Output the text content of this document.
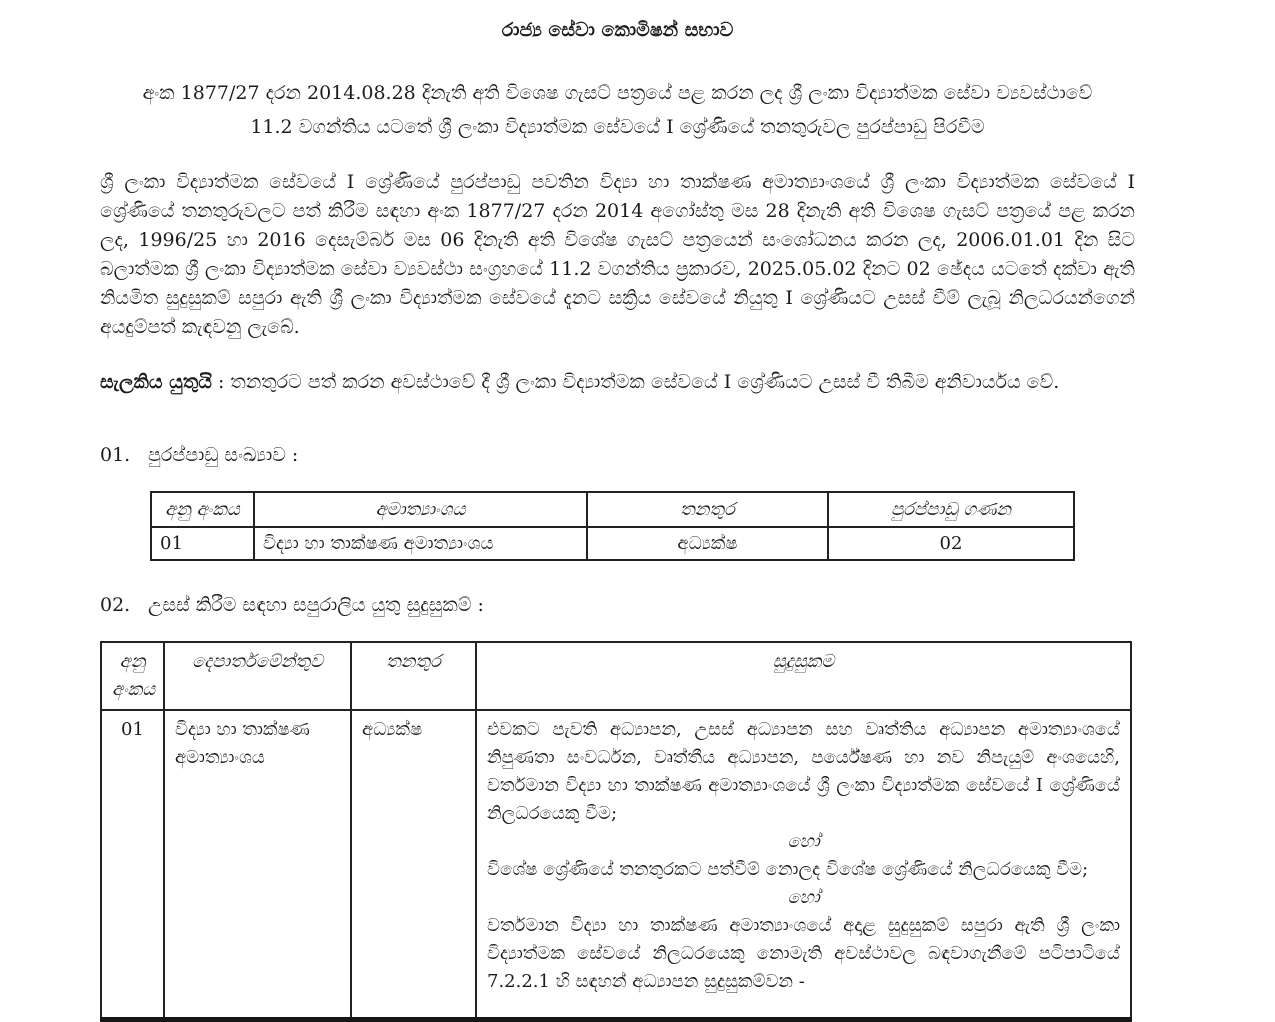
රාජ්‍ය සේවා කොමිෂන් සභාව
අංක 1877/27 දරන 2014.08.28 දිනැති අති විශෙෂ ගැසට් පත්‍රයේ පළ කරන ලද ශ්‍රී ලංකා විද්‍යාත්මක සේවා ව්‍යවස්ථාවේ
11.2 වගන්තිය යටතේ ශ්‍රී ලංකා විද්‍යාත්මක සේවයේ I ශ්‍රේණියේ තනතුරුවල පුරප්පාඩු පිරවීම

ශ්‍රී ලංකා විද්‍යාත්මක සේවයේ I ශ්‍රේණියේ පුරප්පාඩු පවතින විද්‍යා හා තාක්ෂණ අමාත්‍යාංශයේ ශ්‍රී ලංකා විද්‍යාත්මක සේවයේ I ශ්‍රේණියේ තනතුරුවලට පත් කිරීම සඳහා අංක 1877/27 දරන 2014 අගෝස්තු මස 28 දිනැති අති විශෙෂ ගැසට් පත්‍රයේ පළ කරන ලද, 1996/25 හා 2016 දෙසැම්බර් මස 06 දිනැති අති විශේෂ ගැසට් පත්‍රයෙන් සංශෝධනය කරන ලද, 2006.01.01 දින සිට බලාත්මක ශ්‍රී ලංකා විද්‍යාත්මක සේවා ව්‍යවස්ථා සංග්‍රහයේ 11.2 වගන්තිය ප්‍රකාරව, 2025.05.02 දිනට 02 ඡේදය යටතේ දක්වා ඇති නියමිත සුදුසුකම් සපුරා ඇති ශ්‍රී ලංකා විද්‍යාත්මක සේවයේ දැනට සක්‍රිය සේවයේ නියුතු I ශ්‍රේණියට උසස් වීම් ලැබූ නිලධරයන්ගෙන් අයදුම්පත් කැඳවනු ලැබේ.

සැලකිය යුතුයි : තනතුරට පත් කරන අවස්ථාවේ දී ශ්‍රී ලංකා විද්‍යාත්මක සේවයේ I ශ්‍රේණියට උසස් වී තිබීම අනිවාර්යය වේ.

01. පුරප්පාඩු සංඛ්‍යාව :
අනු අංකය	අමාත්‍යාංශය	තනතුර	පුරප්පාඩු ගණන
01	විද්‍යා හා තාක්ෂණ අමාත්‍යාංශය	අධ්‍යක්ෂ	02
02. උසස් කිරීම සඳහා සපුරාලිය යුතු සුදුසුකම් :
අනු අංකය	දෙපාර්තමේන්තුව	තනතුර	සුදුසුකම
01	විද්‍යා හා තාක්ෂණ අමාත්‍යාංශය	අධ්‍යක්ෂ	එවකට පැවති අධ්‍යාපන, උසස් අධ්‍යාපන සහ වෘත්තිය අධ්‍යාපන අමාත්‍යාංශයේ නිපුණතා සංවර්ධන, වෘත්තීය අධ්‍යාපන, පර්යේෂණ හා නව නිපැයුම් අංශයෙහි, වර්තමාන විද්‍යා හා තාක්ෂණ අමාත්‍යාංශයේ ශ්‍රී ලංකා විද්‍යාත්මක සේවයේ I ශ්‍රේණියේ නිලධරයෙකු වීම;

හෝ

විශේෂ ශ්‍රේණියේ තනතුරකට පත්වීම් නොලද විශේෂ ශ්‍රේණියේ නිලධරයෙකු වීම;

හෝ

වර්තමාන විද්‍යා හා තාක්ෂණ අමාත්‍යාංශයේ අදාළ සුදුසුකම් සපුරා ඇති ශ්‍රී ලංකා විද්‍යාත්මක සේවයේ නිලධරයෙකු නොමැති අවස්ථාවල බඳවාගැනීමේ පටිපාටියේ 7.2.2.1 හි සඳහන් අධ්‍යාපන සුදුසුකම්වන -
